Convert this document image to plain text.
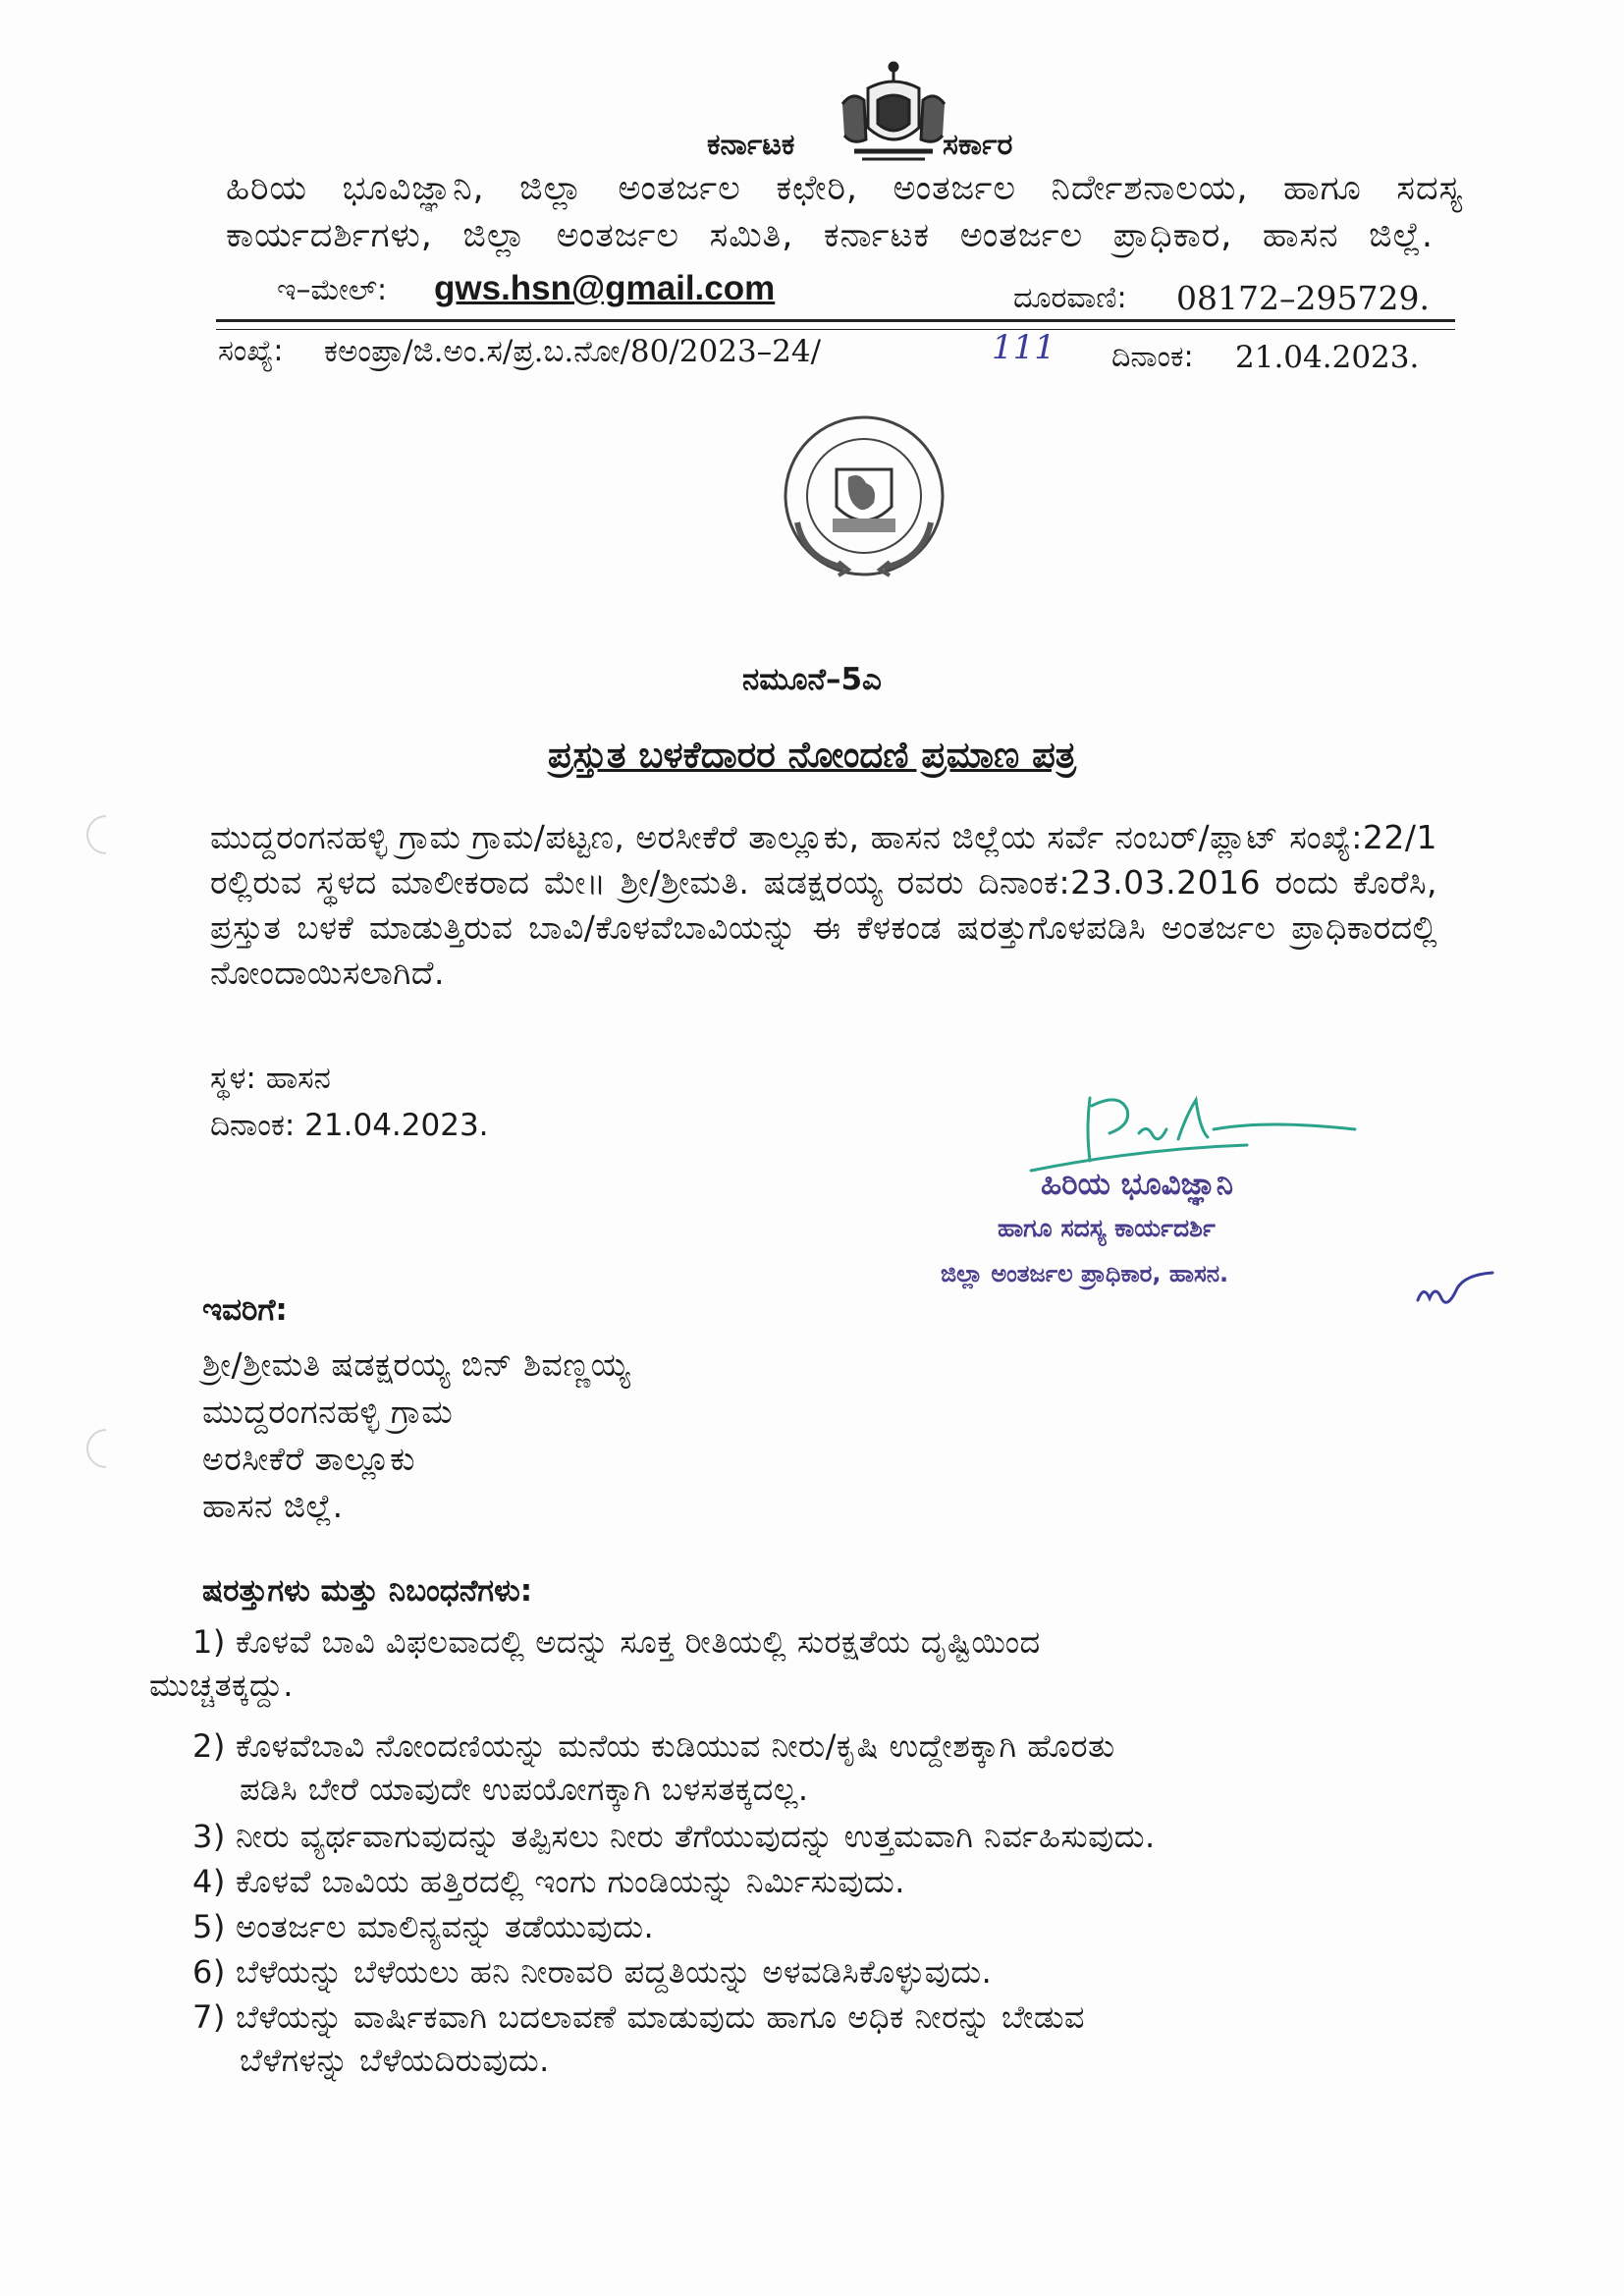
ಕರ್ನಾಟಕ	ಸರ್ಕಾರ
ಹಿರಿಯ ಭೂವಿಜ್ಞಾನಿ, ಜಿಲ್ಲಾ ಅಂತರ್ಜಲ ಕಛೇರಿ, ಅಂತರ್ಜಲ ನಿರ್ದೇಶನಾಲಯ, ಹಾಗೂ ಸದಸ್ಯ
ಕಾರ್ಯದರ್ಶಿಗಳು, ಜಿಲ್ಲಾ ಅಂತರ್ಜಲ ಸಮಿತಿ, ಕರ್ನಾಟಕ ಅಂತರ್ಜಲ ಪ್ರಾಧಿಕಾರ, ಹಾಸನ ಜಿಲ್ಲೆ.
ಇ–ಮೇಲ್: gws.hsn@gmail.com	ದೂರವಾಣಿ: 08172–295729.
ಸಂಖ್ಯೆ: ಕಅಂಪ್ರಾ/ಜಿ.ಅಂ.ಸ/ಪ್ರ.ಬ.ನೋ/80/2023–24/	111 ದಿನಾಂಕ: 21.04.2023.
ನಮೂನೆ–5ಎ
ಪ್ರಸ್ತುತ ಬಳಕೆದಾರರ ನೋಂದಣಿ ಪ್ರಮಾಣ ಪತ್ರ
ಮುದ್ದರಂಗನಹಳ್ಳಿ ಗ್ರಾಮ ಗ್ರಾಮ/ಪಟ್ಟಣ, ಅರಸೀಕೆರೆ ತಾಲ್ಲೂಕು, ಹಾಸನ ಜಿಲ್ಲೆಯ ಸರ್ವೆ ನಂಬರ್/ಪ್ಲಾಟ್ ಸಂಖ್ಯೆ:22/1 ರಲ್ಲಿರುವ ಸ್ಥಳದ ಮಾಲೀಕರಾದ ಮೇ॥ ಶ್ರೀ/ಶ್ರೀಮತಿ. ಷಡಕ್ಷರಯ್ಯ ರವರು ದಿನಾಂಕ:23.03.2016 ರಂದು ಕೊರೆಸಿ, ಪ್ರಸ್ತುತ ಬಳಕೆ ಮಾಡುತ್ತಿರುವ ಬಾವಿ/ಕೊಳವೆಬಾವಿಯನ್ನು ಈ ಕೆಳಕಂಡ ಷರತ್ತುಗೊಳಪಡಿಸಿ ಅಂತರ್ಜಲ ಪ್ರಾಧಿಕಾರದಲ್ಲಿ ನೋಂದಾಯಿಸಲಾಗಿದೆ.
ಸ್ಥಳ: ಹಾಸನ
ದಿನಾಂಕ: 21.04.2023.
ಹಿರಿಯ ಭೂವಿಜ್ಞಾನಿ
ಹಾಗೂ ಸದಸ್ಯ ಕಾರ್ಯದರ್ಶಿ
ಜಿಲ್ಲಾ ಅಂತರ್ಜಲ ಪ್ರಾಧಿಕಾರ, ಹಾಸನ.
ಇವರಿಗೆ:
ಶ್ರೀ/ಶ್ರೀಮತಿ ಷಡಕ್ಷರಯ್ಯ ಬಿನ್ ಶಿವಣ್ಣಯ್ಯ
ಮುದ್ದರಂಗನಹಳ್ಳಿ ಗ್ರಾಮ
ಅರಸೀಕೆರೆ ತಾಲ್ಲೂಕು
ಹಾಸನ ಜಿಲ್ಲೆ.
ಷರತ್ತುಗಳು ಮತ್ತು ನಿಬಂಧನೆಗಳು:
1) ಕೊಳವೆ ಬಾವಿ ವಿಫಲವಾದಲ್ಲಿ ಅದನ್ನು ಸೂಕ್ತ ರೀತಿಯಲ್ಲಿ ಸುರಕ್ಷತೆಯ ದೃಷ್ಟಿಯಿಂದ
ಮುಚ್ಚತಕ್ಕದ್ದು.
2) ಕೊಳವೆಬಾವಿ ನೋಂದಣಿಯನ್ನು ಮನೆಯ ಕುಡಿಯುವ ನೀರು/ಕೃಷಿ ಉದ್ದೇಶಕ್ಕಾಗಿ ಹೊರತು
ಪಡಿಸಿ ಬೇರೆ ಯಾವುದೇ ಉಪಯೋಗಕ್ಕಾಗಿ ಬಳಸತಕ್ಕದಲ್ಲ.
3) ನೀರು ವ್ಯರ್ಥವಾಗುವುದನ್ನು ತಪ್ಪಿಸಲು ನೀರು ತೆಗೆಯುವುದನ್ನು ಉತ್ತಮವಾಗಿ ನಿರ್ವಹಿಸುವುದು.
4) ಕೊಳವೆ ಬಾವಿಯ ಹತ್ತಿರದಲ್ಲಿ ಇಂಗು ಗುಂಡಿಯನ್ನು ನಿರ್ಮಿಸುವುದು.
5) ಅಂತರ್ಜಲ ಮಾಲಿನ್ಯವನ್ನು ತಡೆಯುವುದು.
6) ಬೆಳೆಯನ್ನು ಬೆಳೆಯಲು ಹನಿ ನೀರಾವರಿ ಪದ್ದತಿಯನ್ನು ಅಳವಡಿಸಿಕೊಳ್ಳುವುದು.
7) ಬೆಳೆಯನ್ನು ವಾರ್ಷಿಕವಾಗಿ ಬದಲಾವಣೆ ಮಾಡುವುದು ಹಾಗೂ ಅಧಿಕ ನೀರನ್ನು ಬೇಡುವ
ಬೆಳೆಗಳನ್ನು ಬೆಳೆಯದಿರುವುದು.
